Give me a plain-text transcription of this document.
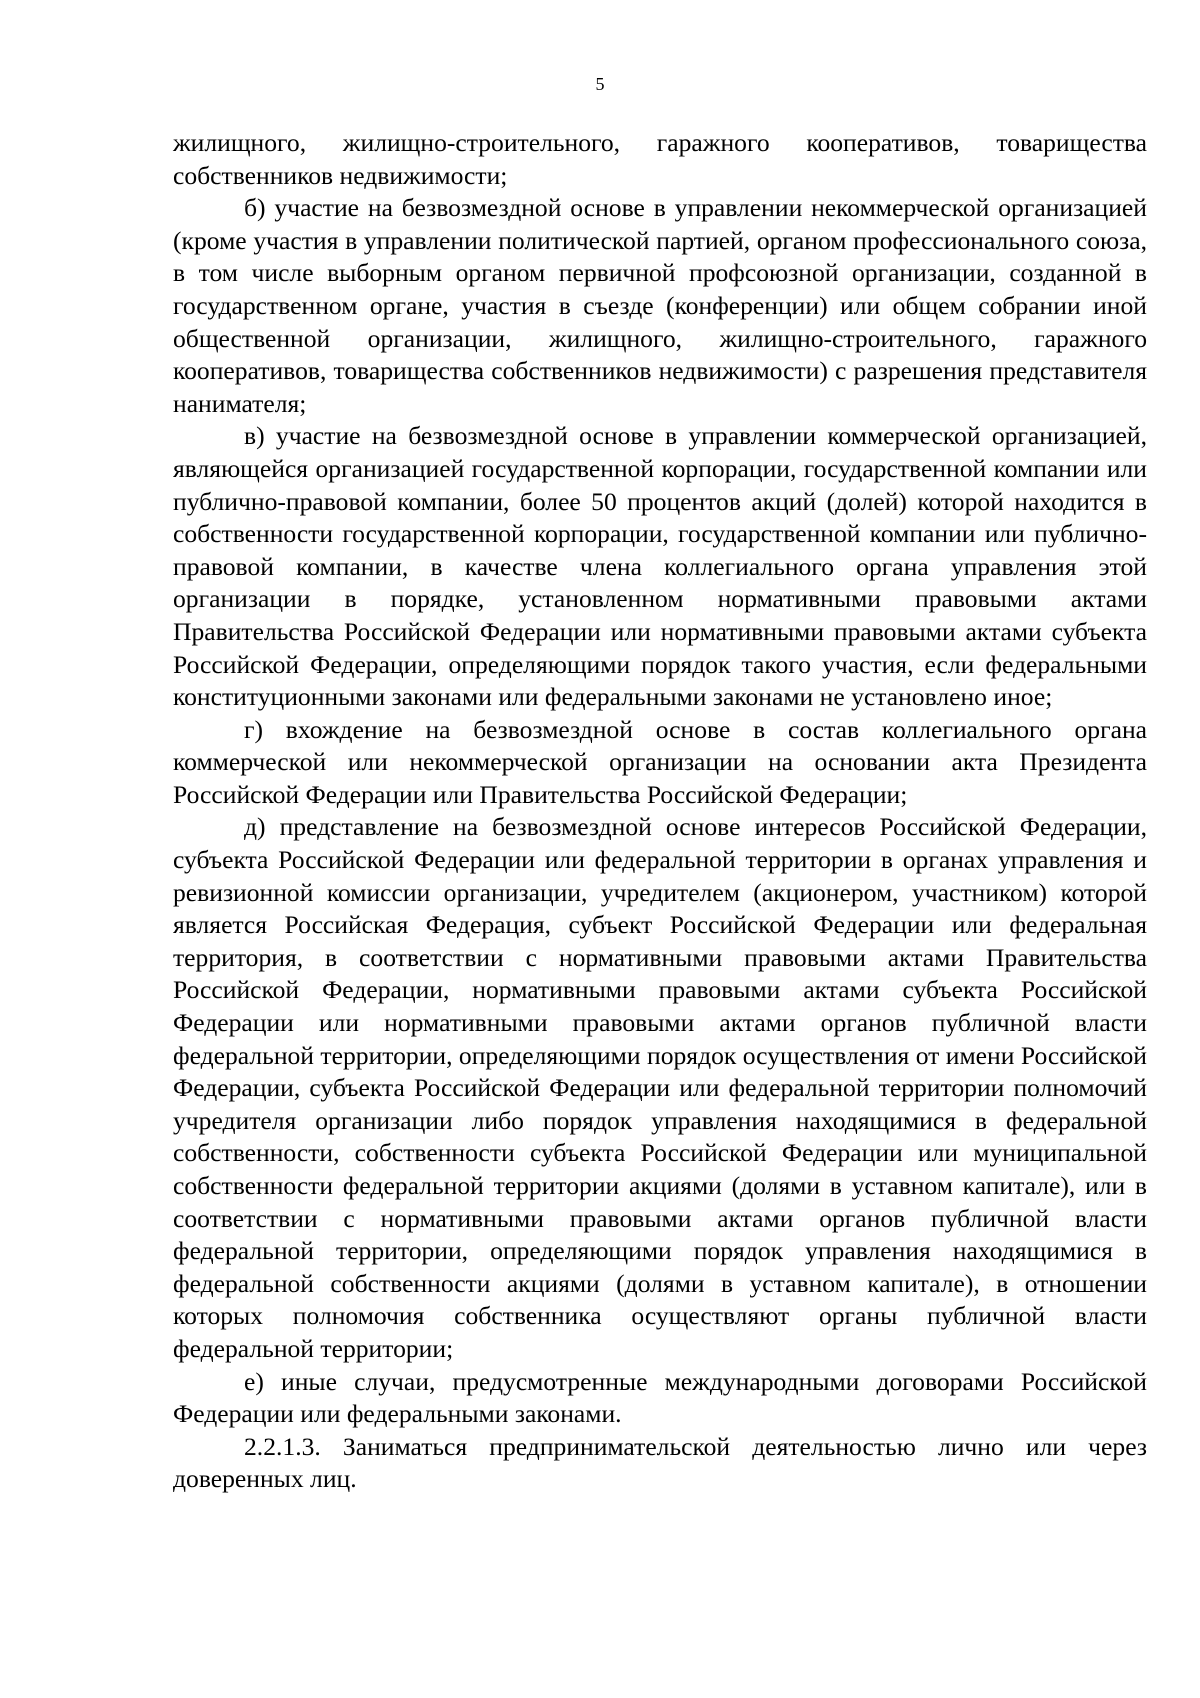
5

жилищного, жилищно-строительного, гаражного кооперативов, товарищества собственников недвижимости;

б) участие на безвозмездной основе в управлении некоммерческой организацией (кроме участия в управлении политической партией, органом профессионального союза, в том числе выборным органом первичной профсоюзной организации, созданной в государственном органе, участия в съезде (конференции) или общем собрании иной общественной организации, жилищного, жилищно-строительного, гаражного кооперативов, товарищества собственников недвижимости) с разрешения представителя нанимателя;

в) участие на безвозмездной основе в управлении коммерческой организацией, являющейся организацией государственной корпорации, государственной компании или публично-правовой компании, более 50 процентов акций (долей) которой находится в собственности государственной корпорации, государственной компании или публично-правовой компании, в качестве члена коллегиального органа управления этой организации в порядке, установленном нормативными правовыми актами Правительства Российской Федерации или нормативными правовыми актами субъекта Российской Федерации, определяющими порядок такого участия, если федеральными конституционными законами или федеральными законами не установлено иное;

г) вхождение на безвозмездной основе в состав коллегиального органа коммерческой или некоммерческой организации на основании акта Президента Российской Федерации или Правительства Российской Федерации;

д) представление на безвозмездной основе интересов Российской Федерации, субъекта Российской Федерации или федеральной территории в органах управления и ревизионной комиссии организации, учредителем (акционером, участником) которой является Российская Федерация, субъект Российской Федерации или федеральная территория, в соответствии с нормативными правовыми актами Правительства Российской Федерации, нормативными правовыми актами субъекта Российской Федерации или нормативными правовыми актами органов публичной власти федеральной территории, определяющими порядок осуществления от имени Российской Федерации, субъекта Российской Федерации или федеральной территории полномочий учредителя организации либо порядок управления находящимися в федеральной собственности, собственности субъекта Российской Федерации или муниципальной собственности федеральной территории акциями (долями в уставном капитале), или в соответствии с нормативными правовыми актами органов публичной власти федеральной территории, определяющими порядок управления находящимися в федеральной собственности акциями (долями в уставном капитале), в отношении которых полномочия собственника осуществляют органы публичной власти федеральной территории;

е) иные случаи, предусмотренные международными договорами Российской Федерации или федеральными законами.

2.2.1.3. Заниматься предпринимательской деятельностью лично или через доверенных лиц.
